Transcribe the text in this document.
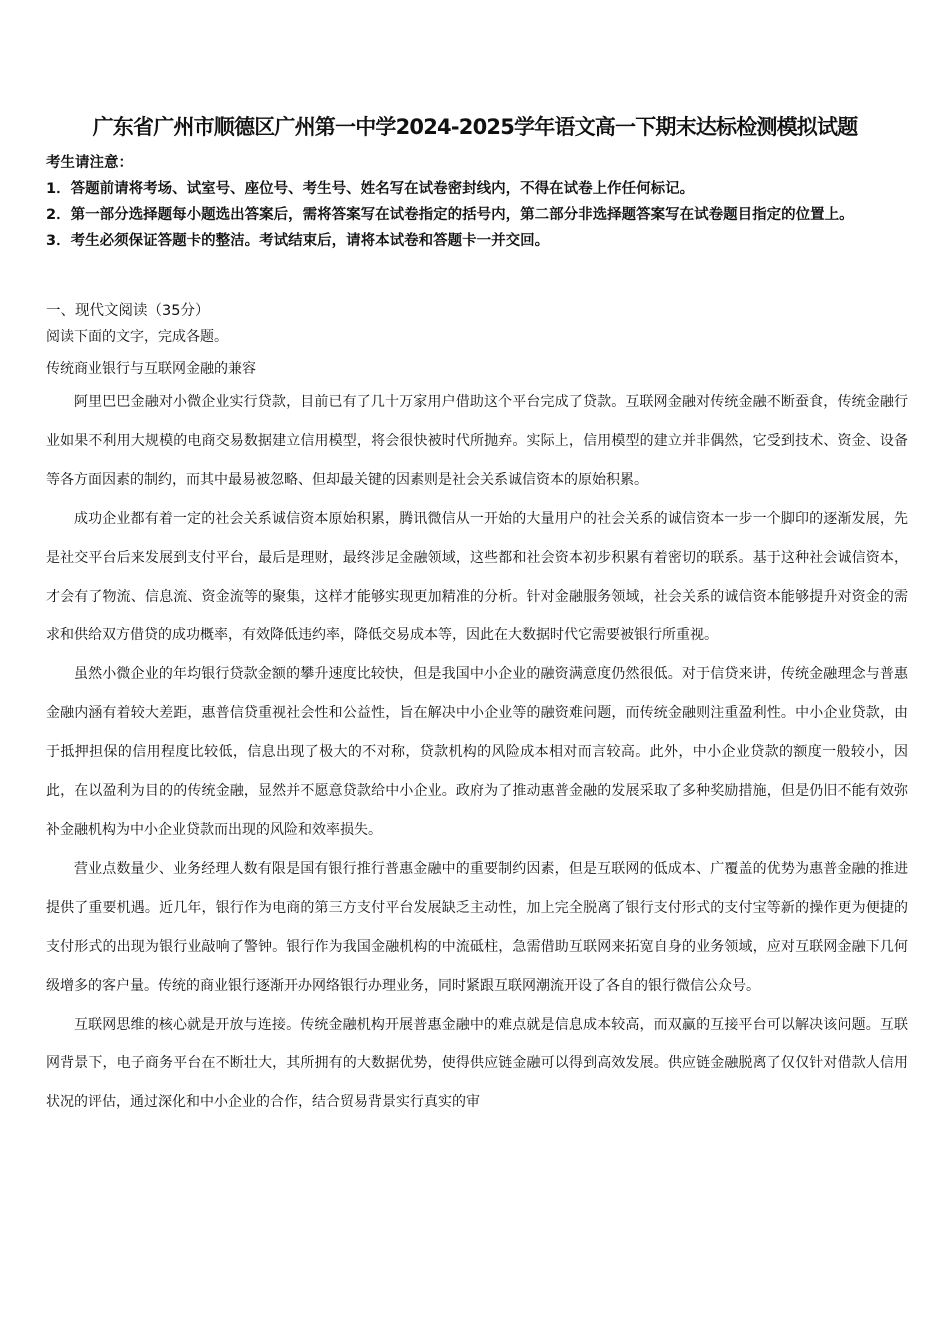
广东省广州市顺德区广州第一中学2024-2025学年语文高一下期末达标检测模拟试题

考生请注意：

1．答题前请将考场、试室号、座位号、考生号、姓名写在试卷密封线内，不得在试卷上作任何标记。

2．第一部分选择题每小题选出答案后，需将答案写在试卷指定的括号内，第二部分非选择题答案写在试卷题目指定的位置上。

3．考生必须保证答题卡的整洁。考试结束后，请将本试卷和答题卡一并交回。

一、现代文阅读（35分）

阅读下面的文字，完成各题。

传统商业银行与互联网金融的兼容

阿里巴巴金融对小微企业实行贷款，目前已有了几十万家用户借助这个平台完成了贷款。互联网金融对传统金融不断蚕食，传统金融行业如果不利用大规模的电商交易数据建立信用模型，将会很快被时代所抛弃。实际上，信用模型的建立并非偶然，它受到技术、资金、设备等各方面因素的制约，而其中最易被忽略、但却最关键的因素则是社会关系诚信资本的原始积累。

成功企业都有着一定的社会关系诚信资本原始积累，腾讯微信从一开始的大量用户的社会关系的诚信资本一步一个脚印的逐渐发展，先是社交平台后来发展到支付平台，最后是理财，最终涉足金融领域，这些都和社会资本初步积累有着密切的联系。基于这种社会诚信资本，才会有了物流、信息流、资金流等的聚集，这样才能够实现更加精准的分析。针对金融服务领域，社会关系的诚信资本能够提升对资金的需求和供给双方借贷的成功概率，有效降低违约率，降低交易成本等，因此在大数据时代它需要被银行所重视。

虽然小微企业的年均银行贷款金额的攀升速度比较快，但是我国中小企业的融资满意度仍然很低。对于信贷来讲，传统金融理念与普惠金融内涵有着较大差距，惠普信贷重视社会性和公益性，旨在解决中小企业等的融资难问题，而传统金融则注重盈利性。中小企业贷款，由于抵押担保的信用程度比较低，信息出现了极大的不对称，贷款机构的风险成本相对而言较高。此外，中小企业贷款的额度一般较小，因此，在以盈利为目的的传统金融，显然并不愿意贷款给中小企业。政府为了推动惠普金融的发展采取了多种奖励措施，但是仍旧不能有效弥补金融机构为中小企业贷款而出现的风险和效率损失。

营业点数量少、业务经理人数有限是国有银行推行普惠金融中的重要制约因素，但是互联网的低成本、广覆盖的优势为惠普金融的推进提供了重要机遇。近几年，银行作为电商的第三方支付平台发展缺乏主动性，加上完全脱离了银行支付形式的支付宝等新的操作更为便捷的支付形式的出现为银行业敲响了警钟。银行作为我国金融机构的中流砥柱，急需借助互联网来拓宽自身的业务领域，应对互联网金融下几何级增多的客户量。传统的商业银行逐渐开办网络银行办理业务，同时紧跟互联网潮流开设了各自的银行微信公众号。

互联网思维的核心就是开放与连接。传统金融机构开展普惠金融中的难点就是信息成本较高，而双赢的互接平台可以解决该问题。互联网背景下，电子商务平台在不断壮大，其所拥有的大数据优势，使得供应链金融可以得到高效发展。供应链金融脱离了仅仅针对借款人信用状况的评估，通过深化和中小企业的合作，结合贸易背景实行真实的审
